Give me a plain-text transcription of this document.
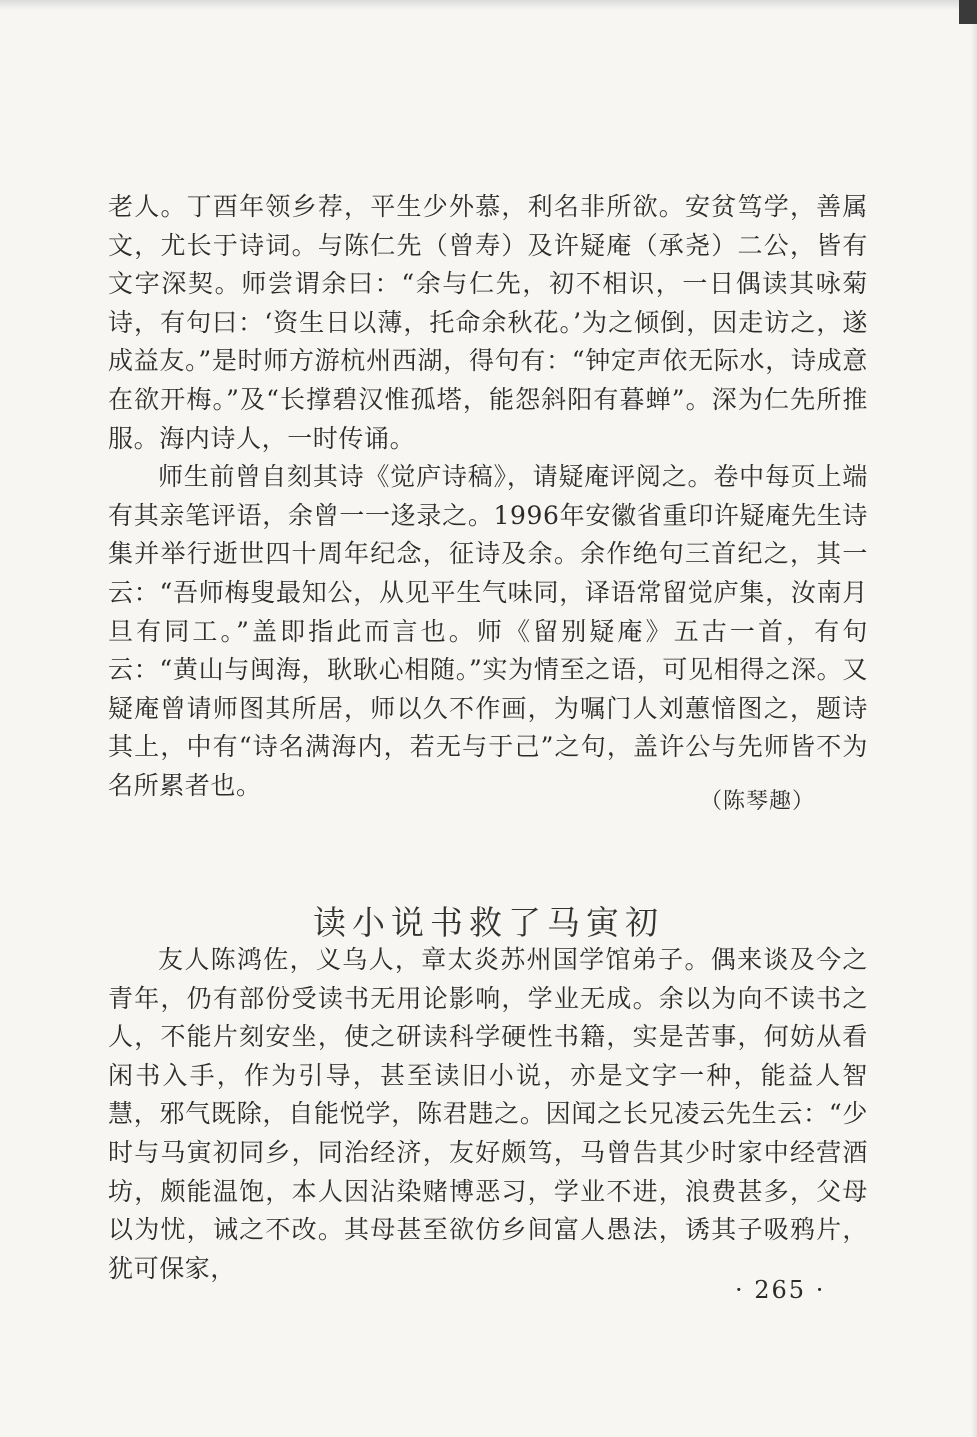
老人。丁酉年领乡荐，平生少外慕，利名非所欲。安贫笃学，善属文，尤长于诗词。与陈仁先（曾寿）及许疑庵（承尧）二公，皆有文字深契。师尝谓余曰：“余与仁先，初不相识，一日偶读其咏菊诗，有句曰：‘资生日以薄，托命余秋花。’为之倾倒，因走访之，遂成益友。”是时师方游杭州西湖，得句有：“钟定声依无际水，诗成意在欲开梅。”及“长撑碧汉惟孤塔，能怨斜阳有暮蝉”。深为仁先所推服。海内诗人，一时传诵。

师生前曾自刻其诗《觉庐诗稿》，请疑庵评阅之。卷中每页上端有其亲笔评语，余曾一一迻录之。1996年安徽省重印许疑庵先生诗集并举行逝世四十周年纪念，征诗及余。余作绝句三首纪之，其一云：“吾师梅叟最知公，从见平生气味同，译语常留觉庐集，汝南月旦有同工。”盖即指此而言也。师《留别疑庵》五古一首，有句云：“黄山与闽海，耿耿心相随。”实为情至之语，可见相得之深。又疑庵曾请师图其所居，师以久不作画，为嘱门人刘蕙愔图之，题诗其上，中有“诗名满海内，若无与于己”之句，盖许公与先师皆不为名所累者也。

（陈琴趣）
读小说书救了马寅初

友人陈鸿佐，义乌人，章太炎苏州国学馆弟子。偶来谈及今之青年，仍有部份受读书无用论影响，学业无成。余以为向不读书之人，不能片刻安坐，使之研读科学硬性书籍，实是苦事，何妨从看闲书入手，作为引导，甚至读旧小说，亦是文字一种，能益人智慧，邪气既除，自能悦学，陈君韪之。因闻之长兄凌云先生云：“少时与马寅初同乡，同治经济，友好颇笃，马曾告其少时家中经营酒坊，颇能温饱，本人因沾染赌博恶习，学业不进，浪费甚多，父母以为忧，诫之不改。其母甚至欲仿乡间富人愚法，诱其子吸鸦片，犹可保家，

· 265 ·
